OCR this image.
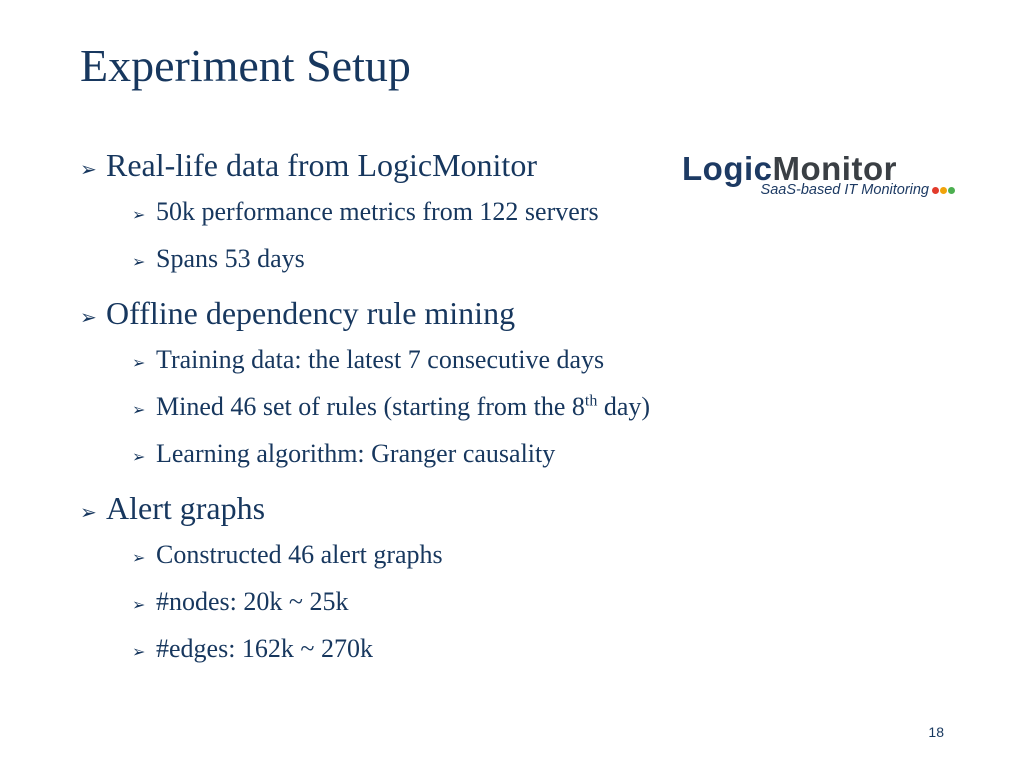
Experiment Setup
LogicMonitor
SaaS-based IT Monitoring
➢ Real-life data from LogicMonitor
➢ 50k performance metrics from 122 servers
➢ Spans 53 days
➢ Offline dependency rule mining
➢ Training data: the latest 7 consecutive days
➢ Mined 46 set of rules (starting from the 8th day)
➢ Learning algorithm: Granger causality
➢ Alert graphs
➢ Constructed 46 alert graphs
➢ #nodes: 20k ~ 25k
➢ #edges: 162k ~ 270k
18
